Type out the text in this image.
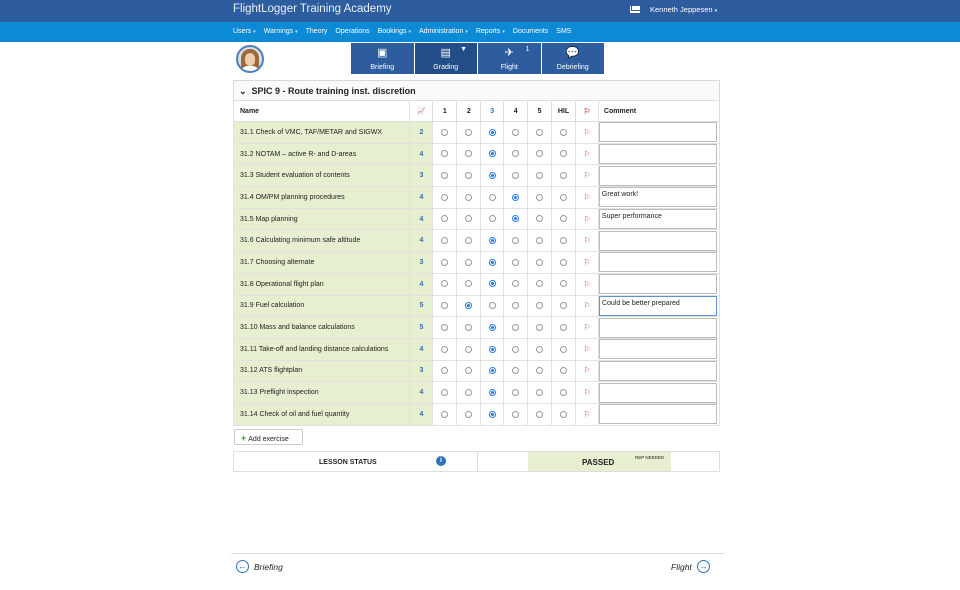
FlightLogger Training Academy	Kenneth Jeppesen ▾
Users ▾ Warnings ▾ Theory Operations Bookings ▾ Administration ▾ Reports ▾ Documents SMS
▣
Briefing
▤	▼
Grading
✈	1
Flight
💬
Debriefing
⌄ SPIC 9 - Route training inst. discretion
Name	📈	1	2	3	4	5	HIL	⚐	Comment
31.1 Check of VMC, TAF/METAR and SIGWX	2							⚐	

31.2 NOTAM – active R- and D-areas	4							⚐	

31.3 Student evaluation of contents	3							⚐	

31.4 OM/PM planning procedures	4							⚐	Great work!

31.5 Map planning	4							⚐	Super performance

31.6 Calculating minimum safe altitude	4							⚐	

31.7 Choosing alternate	3							⚐	

31.8 Operational flight plan	4							⚐	

31.9 Fuel calculation	5							⚐	Could be better prepared

31.10 Mass and balance calculations	5							⚐	

31.11 Take-off and landing distance calculations	4							⚐	

31.12 ATS flightplan	3							⚐	

31.13 Preflight inspection	4							⚐	

31.14 Check of oil and fuel quantity	4							⚐	
+ Add exercise
LESSON STATUS	i	PASSED
REP NEEDED
← Briefing	Flight →
